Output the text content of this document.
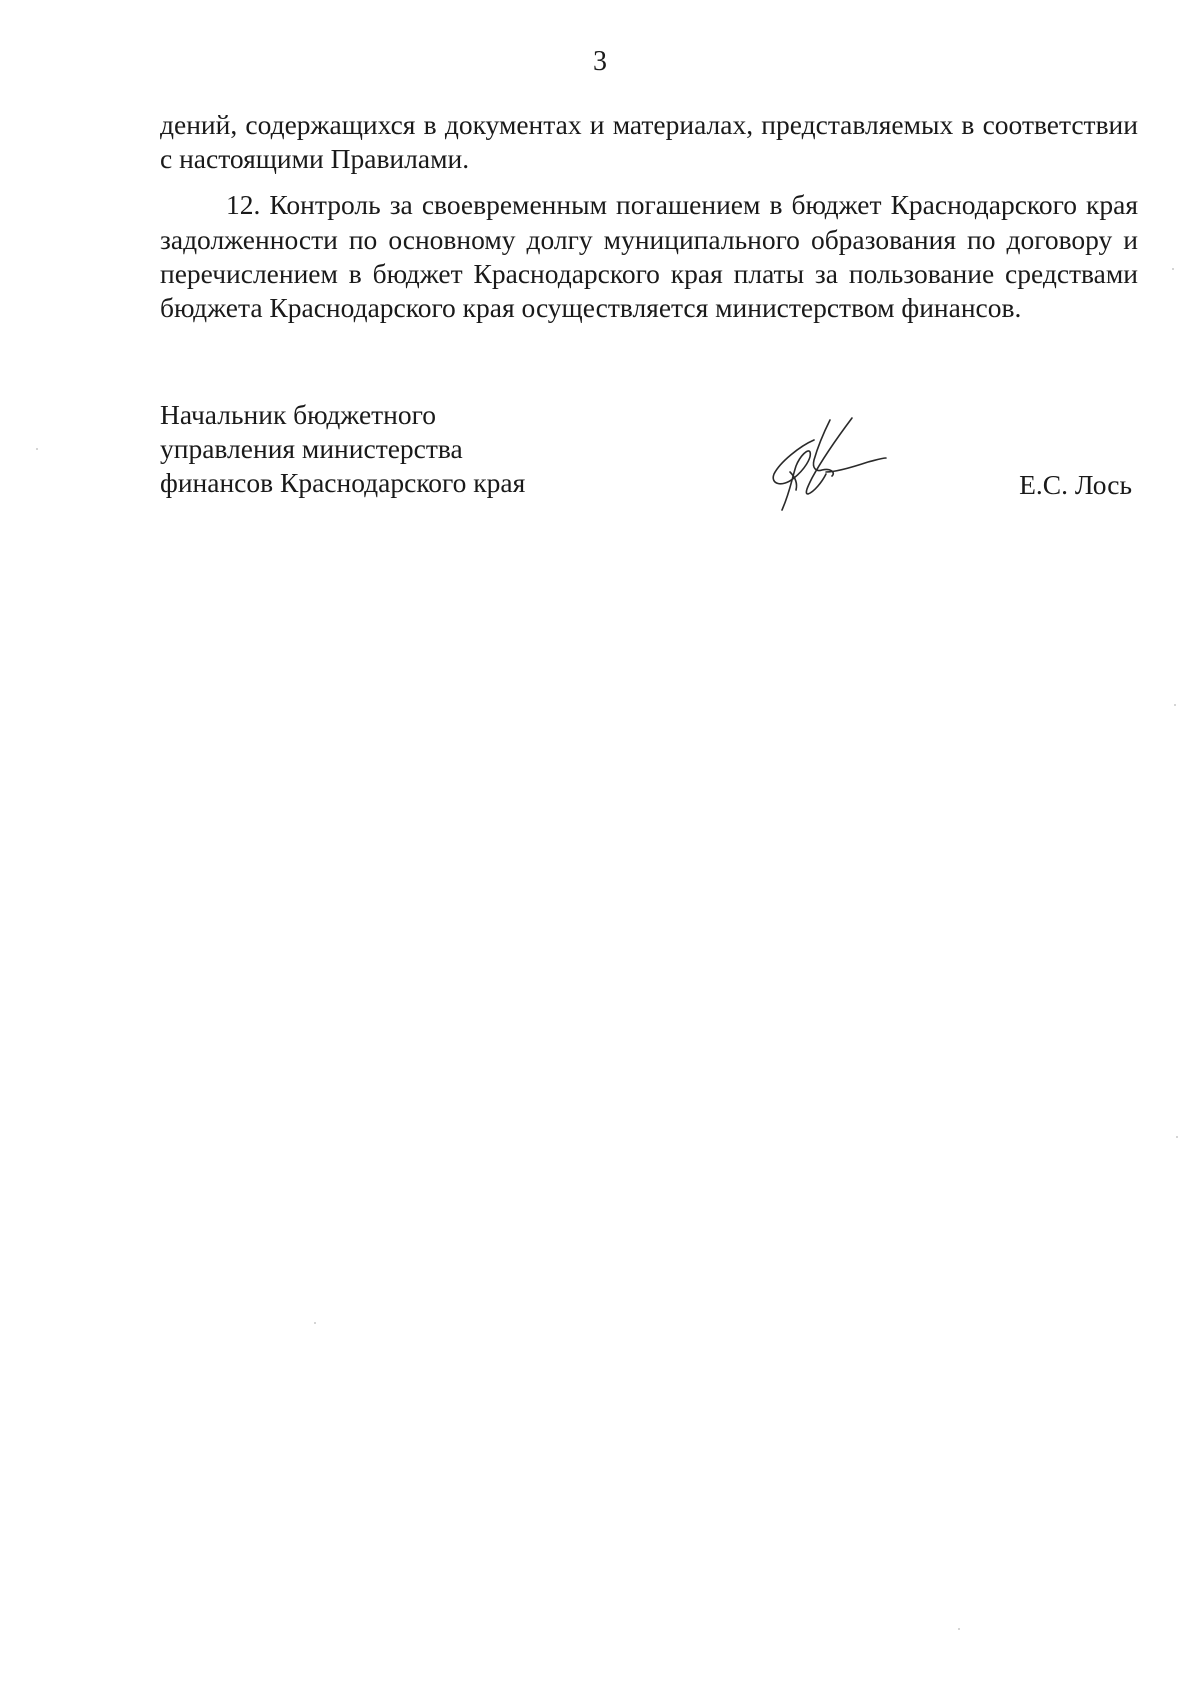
3

дений, содержащихся в документах и материалах, представляемых в соответствии с настоящими Правилами.

12. Контроль за своевременным погашением в бюджет Краснодарского края задолженности по основному долгу муниципального образования по договору и перечислением в бюджет Краснодарского края платы за пользование средствами бюджета Краснодарского края осуществляется министерством финансов.

Начальник бюджетного
управления министерства
финансов Краснодарского края	Е.С. Лось
